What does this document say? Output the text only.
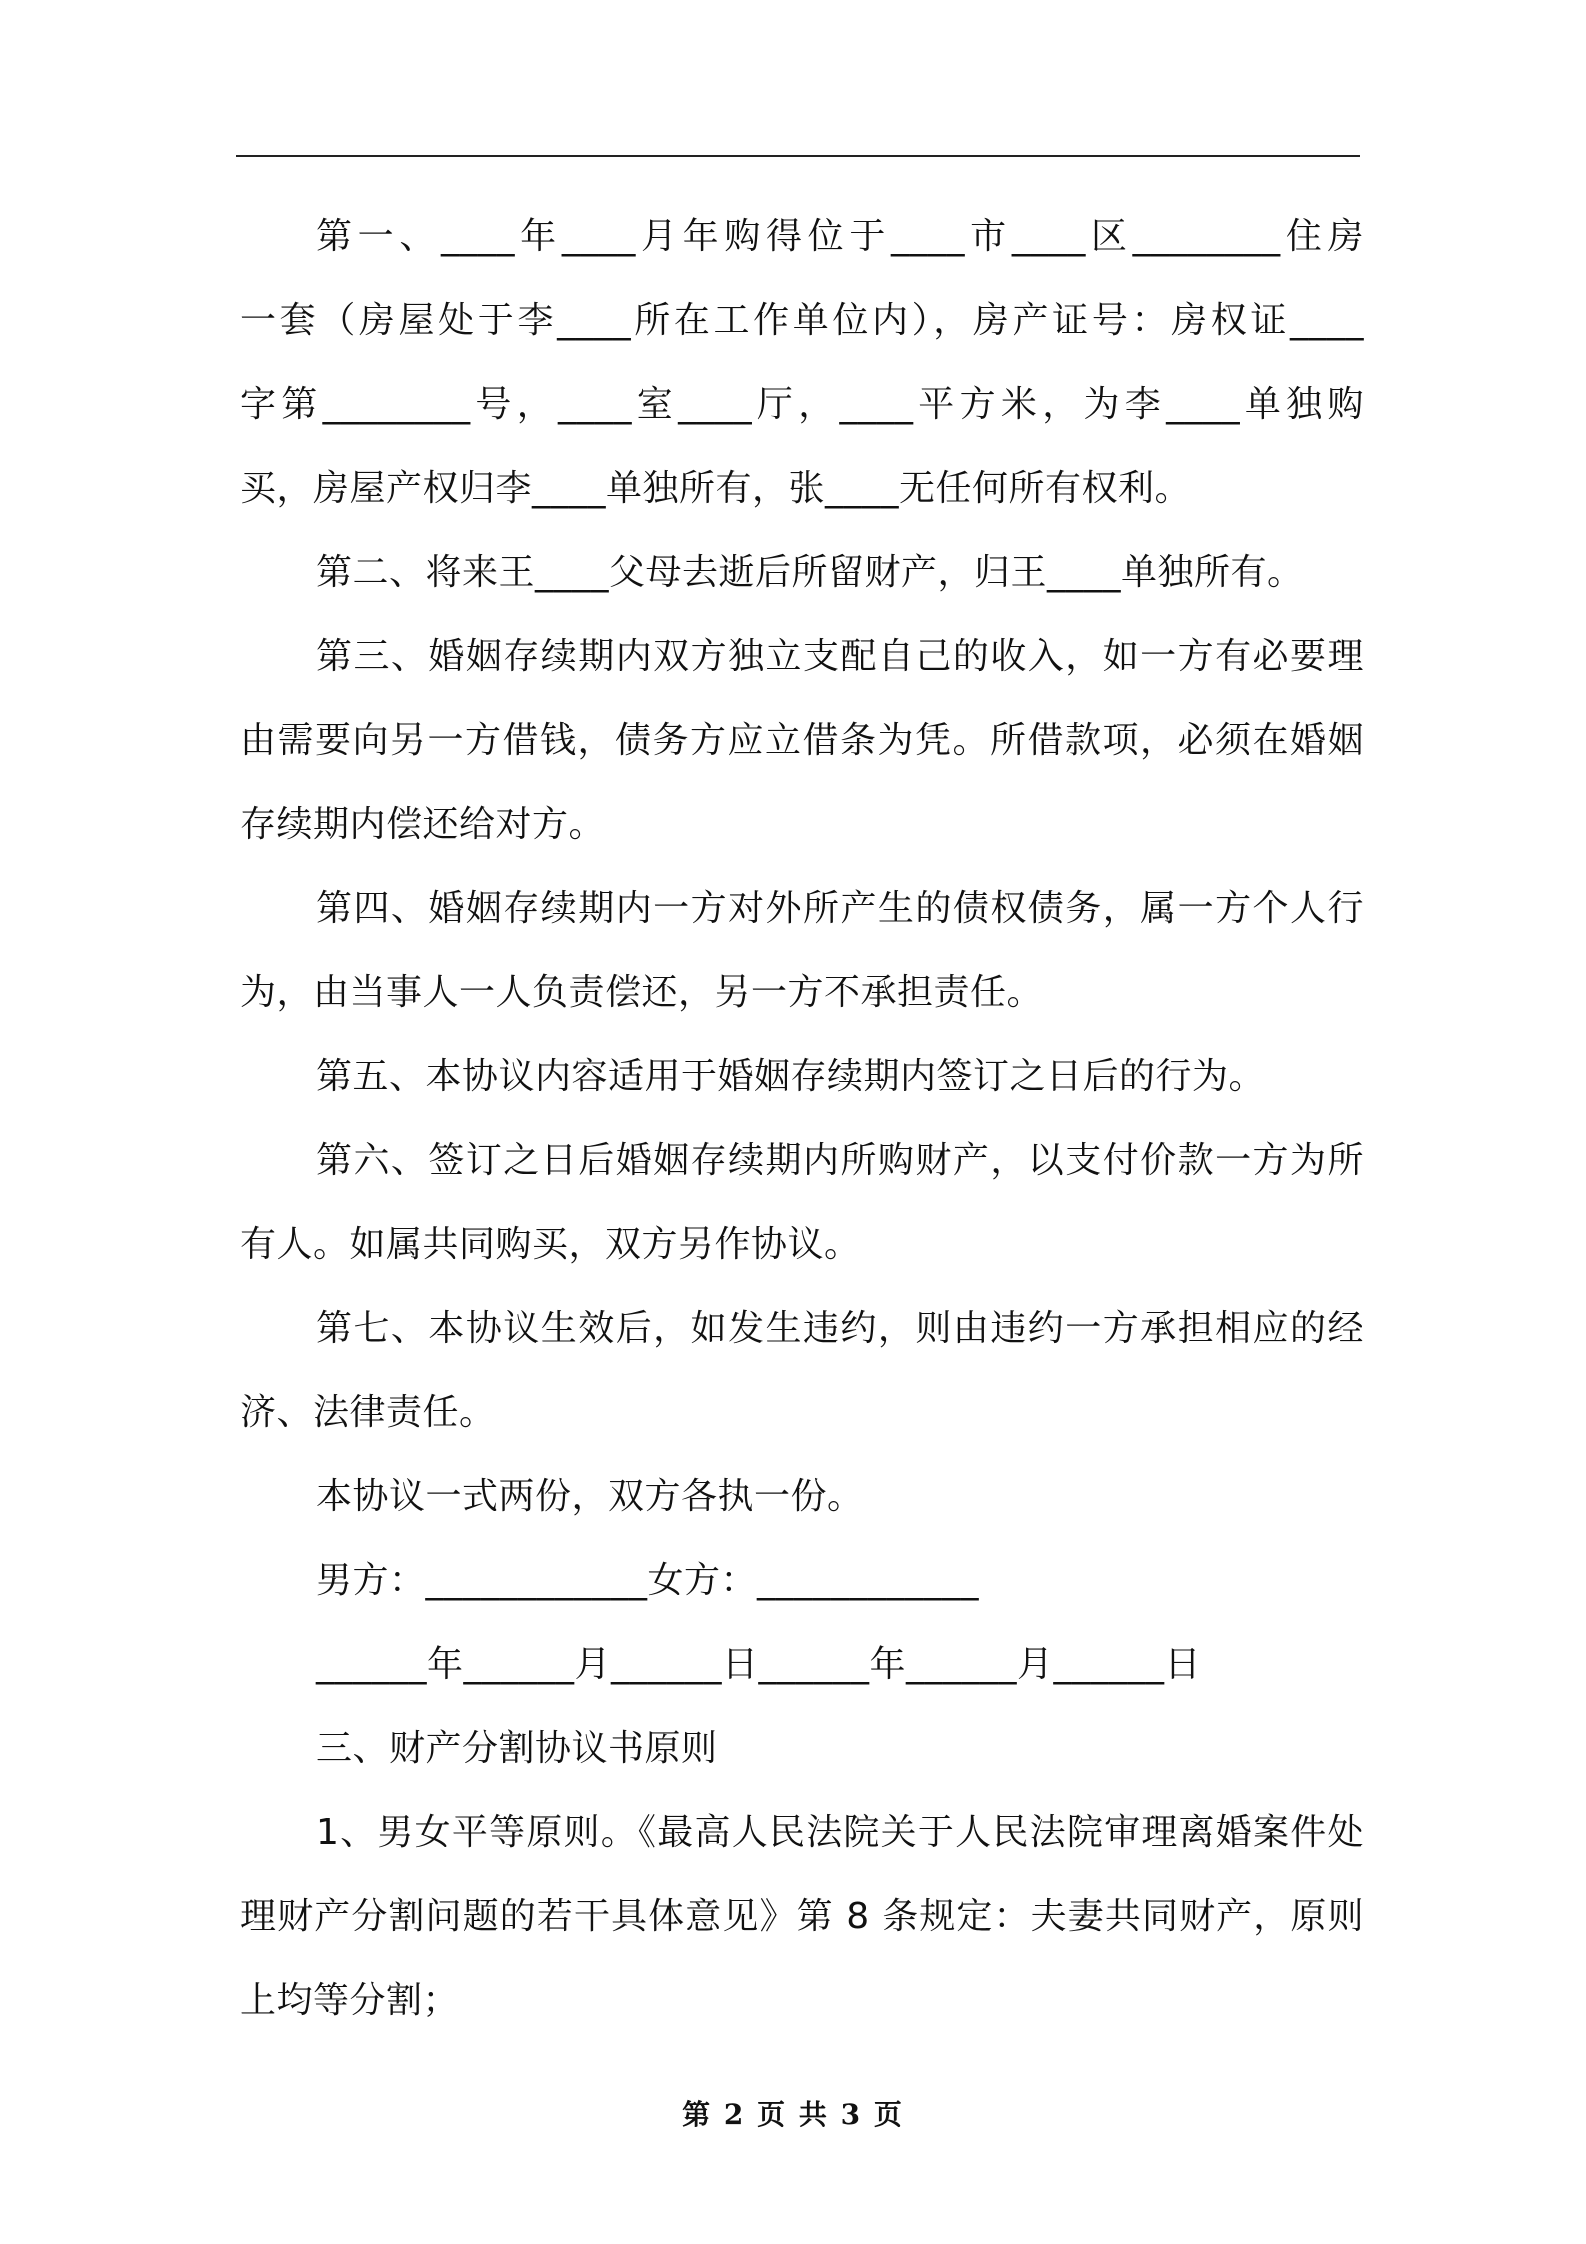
第一、____年____月年购得位于____市____区________住房

一套（房屋处于李____所在工作单位内），房产证号：房权证____

字第________号，____室____厅，____平方米，为李____单独购

买，房屋产权归李____单独所有，张____无任何所有权利。

第二、将来王____父母去逝后所留财产，归王____单独所有。

第三、婚姻存续期内双方独立支配自己的收入，如一方有必要理

由需要向另一方借钱，债务方应立借条为凭。所借款项，必须在婚姻

存续期内偿还给对方。

第四、婚姻存续期内一方对外所产生的债权债务，属一方个人行

为，由当事人一人负责偿还，另一方不承担责任。

第五、本协议内容适用于婚姻存续期内签订之日后的行为。

第六、签订之日后婚姻存续期内所购财产，以支付价款一方为所

有人。如属共同购买，双方另作协议。

第七、本协议生效后，如发生违约，则由违约一方承担相应的经

济、法律责任。

本协议一式两份，双方各执一份。

男方：____________女方：____________

______年______月______日______年______月______日

三、财产分割协议书原则

1、男女平等原则。《最高人民法院关于人民法院审理离婚案件处

理财产分割问题的若干具体意见》第 8 条规定：夫妻共同财产，原则

上均等分割；

第 2 页 共 3 页
